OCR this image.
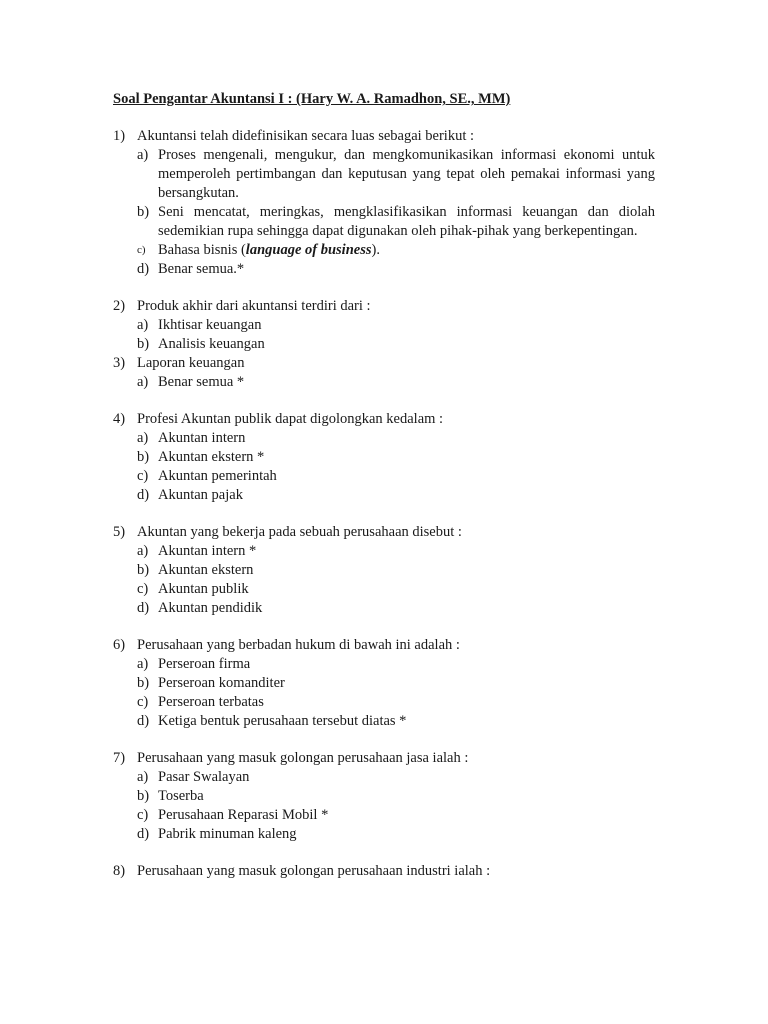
Soal Pengantar Akuntansi I : (Hary W. A. Ramadhon, SE., MM)
1) Akuntansi telah didefinisikan secara luas sebagai berikut :
a) Proses mengenali, mengukur, dan mengkomunikasikan informasi ekonomi untuk memperoleh pertimbangan dan keputusan yang tepat oleh pemakai informasi yang bersangkutan.
b) Seni mencatat, meringkas, mengklasifikasikan informasi keuangan dan diolah sedemikian rupa sehingga dapat digunakan oleh pihak-pihak yang berkepentingan.
c) Bahasa bisnis (language of business).
d) Benar semua.*
2) Produk akhir dari akuntansi terdiri dari :
a) Ikhtisar keuangan
b) Analisis keuangan
3) Laporan keuangan
a) Benar semua *
4) Profesi Akuntan publik dapat digolongkan kedalam :
a) Akuntan intern
b) Akuntan ekstern *
c) Akuntan pemerintah
d) Akuntan pajak
5) Akuntan yang bekerja pada sebuah perusahaan disebut :
a) Akuntan intern *
b) Akuntan ekstern
c) Akuntan publik
d) Akuntan pendidik
6) Perusahaan yang berbadan hukum di bawah ini adalah :
a) Perseroan firma
b) Perseroan komanditer
c) Perseroan terbatas
d) Ketiga bentuk perusahaan tersebut diatas *
7) Perusahaan yang masuk golongan perusahaan jasa ialah :
a) Pasar Swalayan
b) Toserba
c) Perusahaan Reparasi Mobil *
d) Pabrik minuman kaleng
8) Perusahaan yang masuk golongan perusahaan industri ialah :
